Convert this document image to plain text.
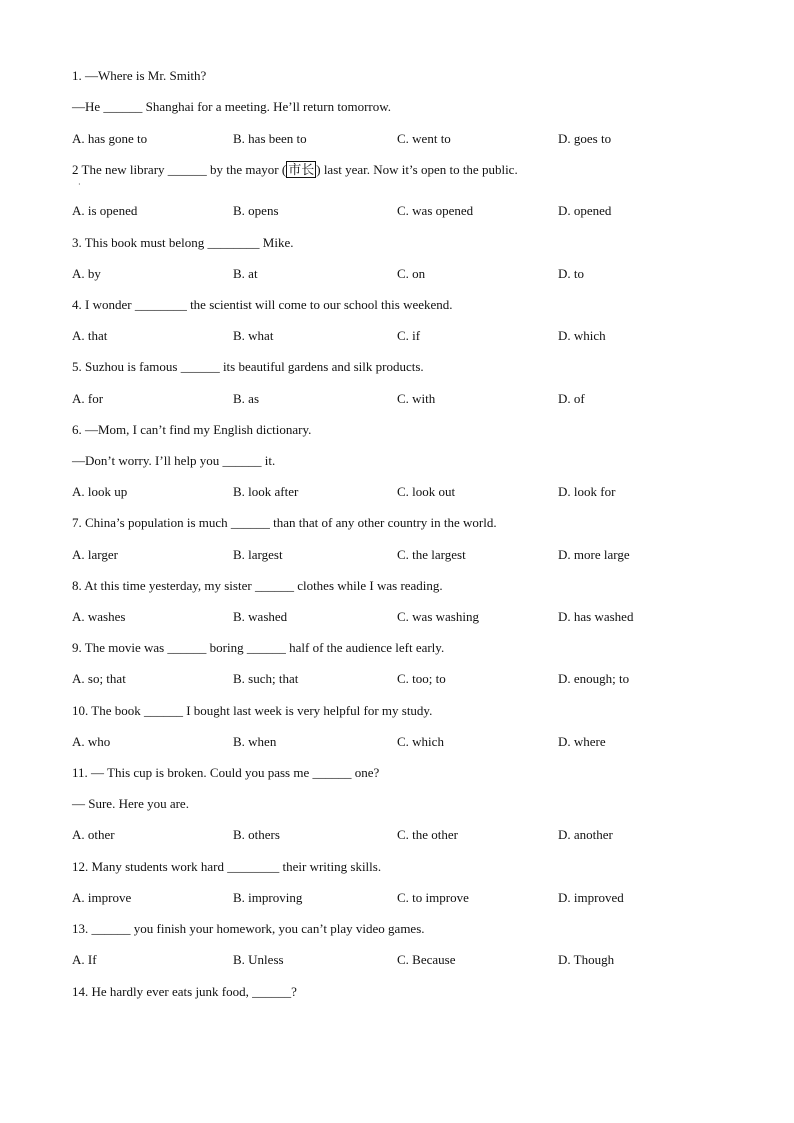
1. —Where is Mr. Smith?
—He ______ Shanghai for a meeting. He’ll return tomorrow.
A. has gone to	B. has been to	C. went to	D. goes to
2 The new library ______ by the mayor ( 市长 ) last year. Now it’s open to the public.
·
A. is opened	B. opens	C. was opened	D. opened
3. This book must belong ________ Mike.
A. by	B. at	C. on	D. to
4. I wonder ________ the scientist will come to our school this weekend.
A. that	B. what	C. if	D. which
5. Suzhou is famous ______ its beautiful gardens and silk products.
A. for	B. as	C. with	D. of
6. —Mom, I can’t find my English dictionary.
—Don’t worry. I’ll help you ______ it.
A. look up	B. look after	C. look out	D. look for
7. China’s population is much ______ than that of any other country in the world.
A. larger	B. largest	C. the largest	D. more large
8. At this time yesterday, my sister ______ clothes while I was reading.
A. washes	B. washed	C. was washing	D. has washed
9. The movie was ______ boring ______ half of the audience left early.
A. so; that	B. such; that	C. too; to	D. enough; to
10. The book ______ I bought last week is very helpful for my study.
A. who	B. when	C. which	D. where
11. — This cup is broken. Could you pass me ______ one?
— Sure. Here you are.
A. other	B. others	C. the other	D. another
12. Many students work hard ________ their writing skills.
A. improve	B. improving	C. to improve	D. improved
13. ______ you finish your homework, you can’t play video games.
A. If	B. Unless	C. Because	D. Though
14. He hardly ever eats junk food, ______?
